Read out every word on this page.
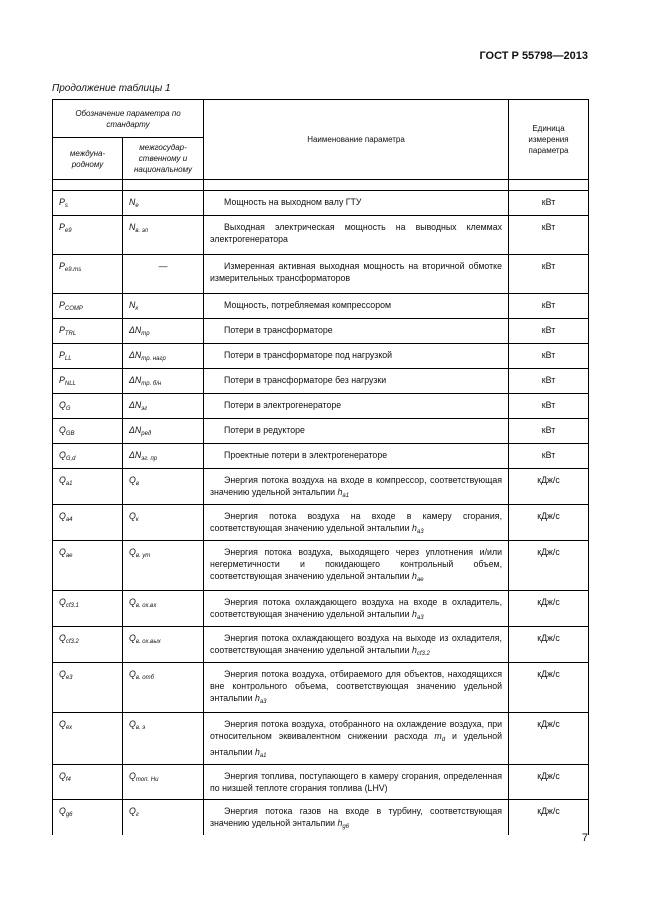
ГОСТ Р 55798—2013
Продолжение таблицы 1
Обозначение параметра по стандарту		Наименование параметра	Единица измерения параметра
международному	межгосударственному и национальному		

$P_s$	$N_e$	Мощность на выходном валу ГТУ	кВт
$P_{e9}$	$N_{в. эл}$	Выходная электрическая мощность на выводных клеммах электрогенератора	кВт
$P_{e9.ms}$	—	Измеренная активная выходная мощность на вторичной обмотке измерительных трансформаторов	кВт
$P_{COMP}$	$N_к$	Мощность, потребляемая компрессором	кВт
$P_{TRL}$	$\Delta N_{тр}$	Потери в трансформаторе	кВт
$P_{LL}$	$\Delta N_{тр. нагр}$	Потери в трансформаторе под нагрузкой	кВт
$P_{NLL}$	$\Delta N_{тр. б/н}$	Потери в трансформаторе без нагрузки	кВт
$Q_G$	$\Delta N_{эг}$	Потери в электрогенераторе	кВт
$Q_{GB}$	$\Delta N_{ред}$	Потери в редукторе	кВт
$Q_{G,d}$	$\Delta N_{эг. пр}$	Проектные потери в электрогенераторе	кВт
$Q_{a1}$	$Q_в$	Энергия потока воздуха на входе в компрессор, соответствующая значению удельной энтальпии $h_{a1}$	кДж/с
$Q_{a4}$	$Q_к$	Энергия потока воздуха на входе в камеру сгорания, соответствующая значению удельной энтальпии $h_{a3}$	кДж/с
$Q_{ae}$	$Q_{в. ут}$	Энергия потока воздуха, выходящего через уплотнения и/или негерметичности и покидающего контрольный объем, соответствующая значению удельной энтальпии $h_{ae}$	кДж/с
$Q_{cf3.1}$	$Q_{в. ох.вх}$	Энергия потока охлаждающего воздуха на входе в охладитель, соответствующая значению удельной энтальпии $h_{a3}$	кДж/с
$Q_{cf3.2}$	$Q_{в. ох.вых}$	Энергия потока охлаждающего воздуха на выходе из охладителя, соответствующая значению удельной энтальпии $h_{cf3.2}$	кДж/с
$Q_{e3}$	$Q_{в. отб}$	Энергия потока воздуха, отбираемого для объектов, находящихся вне контрольного объема, соответствующая значению удельной энтальпии $h_{a3}$	кДж/с
$Q_{ex}$	$Q_{в. э}$	Энергия потока воздуха, отобранного на охлаждение воздуха, при относительном эквивалентном снижении расхода $m_d$ и удельной энтальпии $h_{a1}$	кДж/с
$Q_{f4}$	$Q_{топ. Hи}$	Энергия топлива, поступающего в камеру сгорания, определенная по низшей теплоте сгорания топлива (LHV)	кДж/с
$Q_{g6}$	$Q_г$	Энергия потока газов на входе в турбину, соответствующая значению удельной энтальпии $h_{g6}$	кДж/с
7
